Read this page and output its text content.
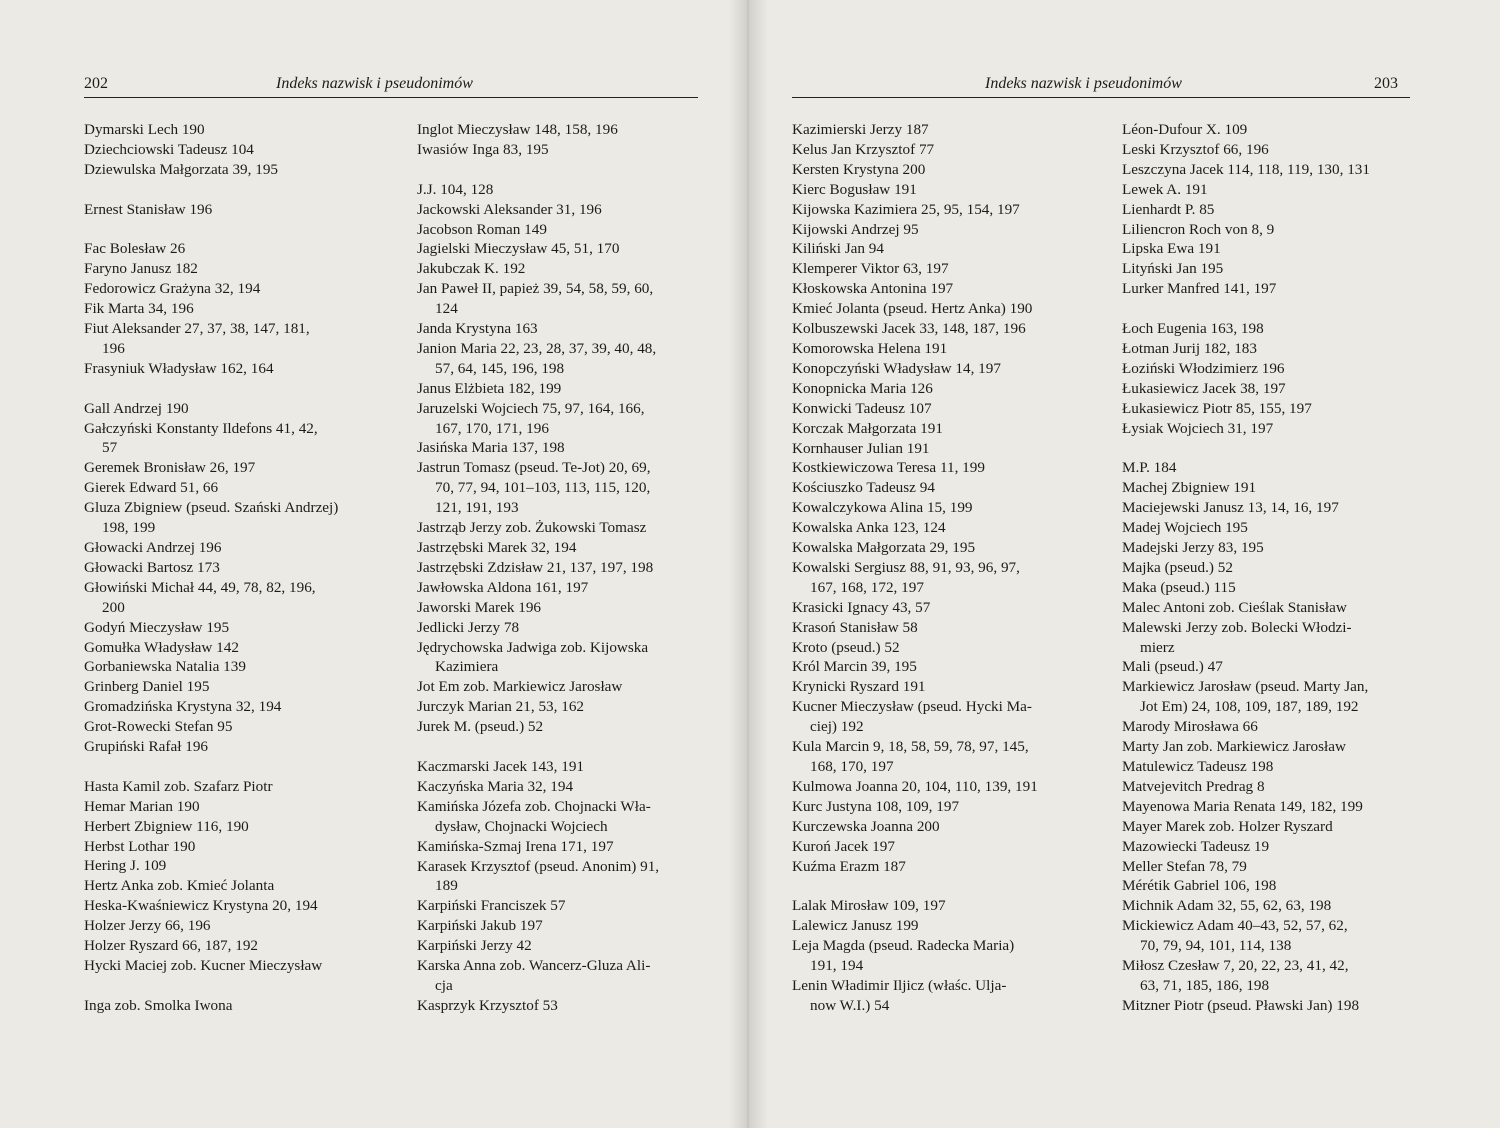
202	Indeks nazwisk i pseudonimów
Dymarski Lech 190
Dziechciowski Tadeusz 104
Dziewulska Małgorzata 39, 195
Ernest Stanisław 196
Fac Bolesław 26
Faryno Janusz 182
Fedorowicz Grażyna 32, 194
Fik Marta 34, 196
Fiut Aleksander 27, 37, 38, 147, 181,
196
Frasyniuk Władysław 162, 164
Gall Andrzej 190
Gałczyński Konstanty Ildefons 41, 42,
57
Geremek Bronisław 26, 197
Gierek Edward 51, 66
Gluza Zbigniew (pseud. Szański Andrzej)
198, 199
Głowacki Andrzej 196
Głowacki Bartosz 173
Głowiński Michał 44, 49, 78, 82, 196,
200
Godyń Mieczysław 195
Gomułka Władysław 142
Gorbaniewska Natalia 139
Grinberg Daniel 195
Gromadzińska Krystyna 32, 194
Grot-Rowecki Stefan 95
Grupiński Rafał 196
Hasta Kamil zob. Szafarz Piotr
Hemar Marian 190
Herbert Zbigniew 116, 190
Herbst Lothar 190
Hering J. 109
Hertz Anka zob. Kmieć Jolanta
Heska-Kwaśniewicz Krystyna 20, 194
Holzer Jerzy 66, 196
Holzer Ryszard 66, 187, 192
Hycki Maciej zob. Kucner Mieczysław
Inga zob. Smolka Iwona
Inglot Mieczysław 148, 158, 196
Iwasiów Inga 83, 195
J.J. 104, 128
Jackowski Aleksander 31, 196
Jacobson Roman 149
Jagielski Mieczysław 45, 51, 170
Jakubczak K. 192
Jan Paweł II, papież 39, 54, 58, 59, 60,
124
Janda Krystyna 163
Janion Maria 22, 23, 28, 37, 39, 40, 48,
57, 64, 145, 196, 198
Janus Elżbieta 182, 199
Jaruzelski Wojciech 75, 97, 164, 166,
167, 170, 171, 196
Jasińska Maria 137, 198
Jastrun Tomasz (pseud. Te-Jot) 20, 69,
70, 77, 94, 101–103, 113, 115, 120,
121, 191, 193
Jastrząb Jerzy zob. Żukowski Tomasz
Jastrzębski Marek 32, 194
Jastrzębski Zdzisław 21, 137, 197, 198
Jawłowska Aldona 161, 197
Jaworski Marek 196
Jedlicki Jerzy 78
Jędrychowska Jadwiga zob. Kijowska
Kazimiera
Jot Em zob. Markiewicz Jarosław
Jurczyk Marian 21, 53, 162
Jurek M. (pseud.) 52
Kaczmarski Jacek 143, 191
Kaczyńska Maria 32, 194
Kamińska Józefa zob. Chojnacki Wła-
dysław, Chojnacki Wojciech
Kamińska-Szmaj Irena 171, 197
Karasek Krzysztof (pseud. Anonim) 91,
189
Karpiński Franciszek 57
Karpiński Jakub 197
Karpiński Jerzy 42
Karska Anna zob. Wancerz-Gluza Ali-
cja
Kasprzyk Krzysztof 53
Indeks nazwisk i pseudonimów	203
Kazimierski Jerzy 187
Kelus Jan Krzysztof 77
Kersten Krystyna 200
Kierc Bogusław 191
Kijowska Kazimiera 25, 95, 154, 197
Kijowski Andrzej 95
Kiliński Jan 94
Klemperer Viktor 63, 197
Kłoskowska Antonina 197
Kmieć Jolanta (pseud. Hertz Anka) 190
Kolbuszewski Jacek 33, 148, 187, 196
Komorowska Helena 191
Konopczyński Władysław 14, 197
Konopnicka Maria 126
Konwicki Tadeusz 107
Korczak Małgorzata 191
Kornhauser Julian 191
Kostkiewiczowa Teresa 11, 199
Kościuszko Tadeusz 94
Kowalczykowa Alina 15, 199
Kowalska Anka 123, 124
Kowalska Małgorzata 29, 195
Kowalski Sergiusz 88, 91, 93, 96, 97,
167, 168, 172, 197
Krasicki Ignacy 43, 57
Krasoń Stanisław 58
Kroto (pseud.) 52
Król Marcin 39, 195
Krynicki Ryszard 191
Kucner Mieczysław (pseud. Hycki Ma-
ciej) 192
Kula Marcin 9, 18, 58, 59, 78, 97, 145,
168, 170, 197
Kulmowa Joanna 20, 104, 110, 139, 191
Kurc Justyna 108, 109, 197
Kurczewska Joanna 200
Kuroń Jacek 197
Kuźma Erazm 187
Lalak Mirosław 109, 197
Lalewicz Janusz 199
Leja Magda (pseud. Radecka Maria)
191, 194
Lenin Władimir Iljicz (właśc. Ulja-
now W.I.) 54
Léon-Dufour X. 109
Leski Krzysztof 66, 196
Leszczyna Jacek 114, 118, 119, 130, 131
Lewek A. 191
Lienhardt P. 85
Liliencron Roch von 8, 9
Lipska Ewa 191
Lityński Jan 195
Lurker Manfred 141, 197
Łoch Eugenia 163, 198
Łotman Jurij 182, 183
Łoziński Włodzimierz 196
Łukasiewicz Jacek 38, 197
Łukasiewicz Piotr 85, 155, 197
Łysiak Wojciech 31, 197
M.P. 184
Machej Zbigniew 191
Maciejewski Janusz 13, 14, 16, 197
Madej Wojciech 195
Madejski Jerzy 83, 195
Majka (pseud.) 52
Maka (pseud.) 115
Malec Antoni zob. Cieślak Stanisław
Malewski Jerzy zob. Bolecki Włodzi-
mierz
Mali (pseud.) 47
Markiewicz Jarosław (pseud. Marty Jan,
Jot Em) 24, 108, 109, 187, 189, 192
Marody Mirosława 66
Marty Jan zob. Markiewicz Jarosław
Matulewicz Tadeusz 198
Matvejevitch Predrag 8
Mayenowa Maria Renata 149, 182, 199
Mayer Marek zob. Holzer Ryszard
Mazowiecki Tadeusz 19
Meller Stefan 78, 79
Mérétik Gabriel 106, 198
Michnik Adam 32, 55, 62, 63, 198
Mickiewicz Adam 40–43, 52, 57, 62,
70, 79, 94, 101, 114, 138
Miłosz Czesław 7, 20, 22, 23, 41, 42,
63, 71, 185, 186, 198
Mitzner Piotr (pseud. Pławski Jan) 198
